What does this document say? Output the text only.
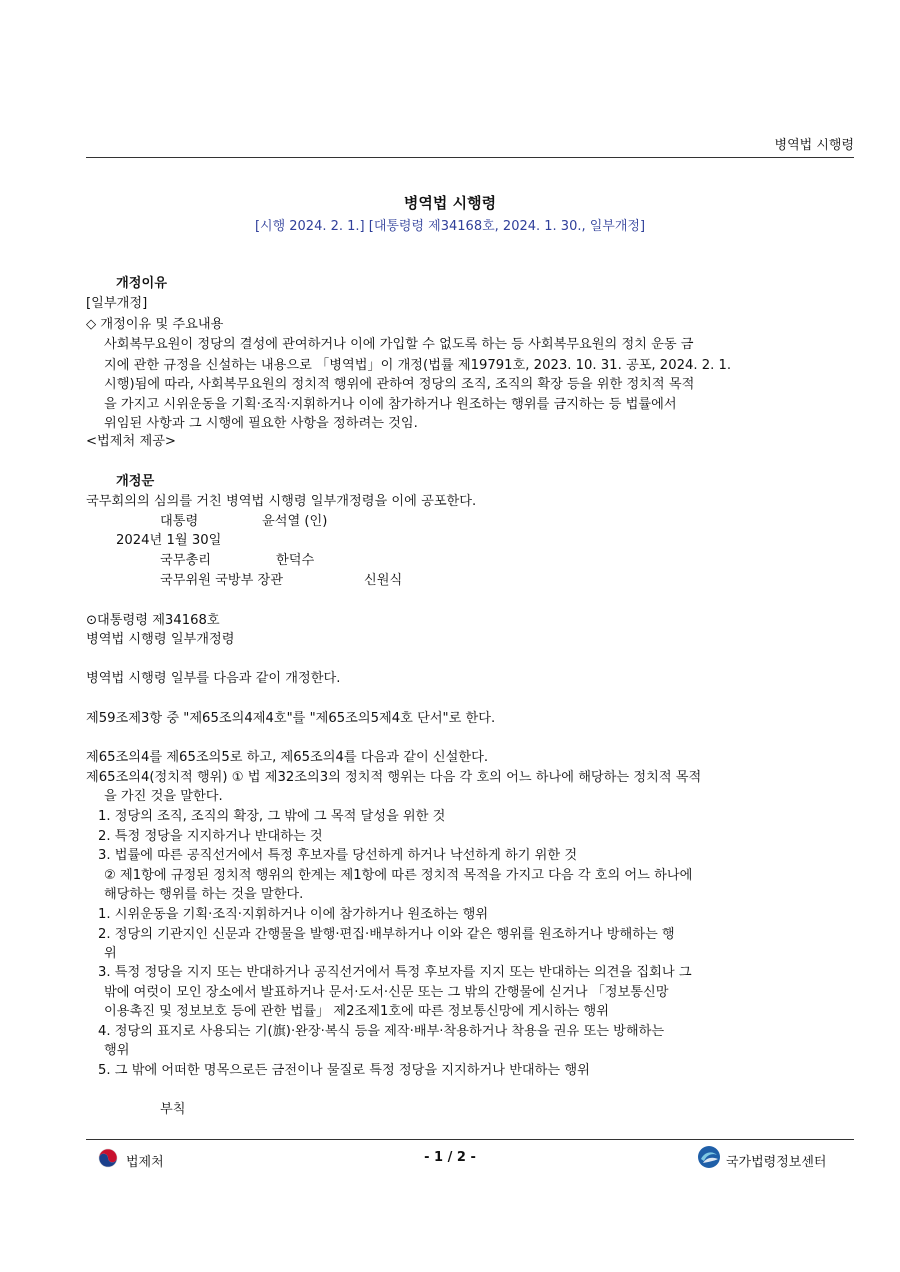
병역법 시행령
병역법 시행령
[시행 2024. 2. 1.] [대통령령 제34168호, 2024. 1. 30., 일부개정]
개정이유
[일부개정]
◇ 개정이유 및 주요내용
사회복무요원이 정당의 결성에 관여하거나 이에 가입할 수 없도록 하는 등 사회복무요원의 정치 운동 금
지에 관한 규정을 신설하는 내용으로 「병역법」이 개정(법률 제19791호, 2023. 10. 31. 공포, 2024. 2. 1.
시행)됨에 따라, 사회복무요원의 정치적 행위에 관하여 정당의 조직, 조직의 확장 등을 위한 정치적 목적
을 가지고 시위운동을 기획·조직·지휘하거나 이에 참가하거나 원조하는 행위를 금지하는 등 법률에서
위임된 사항과 그 시행에 필요한 사항을 정하려는 것임.
<법제처 제공>
개정문
국무회의의 심의를 거친 병역법 시행령 일부개정령을 이에 공포한다.
대통령	윤석열 (인)
2024년 1월 30일
국무총리	한덕수
국무위원 국방부 장관	신원식
⊙대통령령 제34168호
병역법 시행령 일부개정령
병역법 시행령 일부를 다음과 같이 개정한다.
제59조제3항 중 "제65조의4제4호"를 "제65조의5제4호 단서"로 한다.
제65조의4를 제65조의5로 하고, 제65조의4를 다음과 같이 신설한다.
제65조의4(정치적 행위) ① 법 제32조의3의 정치적 행위는 다음 각 호의 어느 하나에 해당하는 정치적 목적
을 가진 것을 말한다.
1. 정당의 조직, 조직의 확장, 그 밖에 그 목적 달성을 위한 것
2. 특정 정당을 지지하거나 반대하는 것
3. 법률에 따른 공직선거에서 특정 후보자를 당선하게 하거나 낙선하게 하기 위한 것
② 제1항에 규정된 정치적 행위의 한계는 제1항에 따른 정치적 목적을 가지고 다음 각 호의 어느 하나에
해당하는 행위를 하는 것을 말한다.
1. 시위운동을 기획·조직·지휘하거나 이에 참가하거나 원조하는 행위
2. 정당의 기관지인 신문과 간행물을 발행·편집·배부하거나 이와 같은 행위를 원조하거나 방해하는 행
위
3. 특정 정당을 지지 또는 반대하거나 공직선거에서 특정 후보자를 지지 또는 반대하는 의견을 집회나 그
밖에 여럿이 모인 장소에서 발표하거나 문서·도서·신문 또는 그 밖의 간행물에 싣거나 「정보통신망
이용촉진 및 정보보호 등에 관한 법률」 제2조제1호에 따른 정보통신망에 게시하는 행위
4. 정당의 표지로 사용되는 기(旗)·완장·복식 등을 제작·배부·착용하거나 착용을 권유 또는 방해하는
행위
5. 그 밖에 어떠한 명목으로든 금전이나 물질로 특정 정당을 지지하거나 반대하는 행위
부칙
법제처	- 1 / 2 -	국가법령정보센터
